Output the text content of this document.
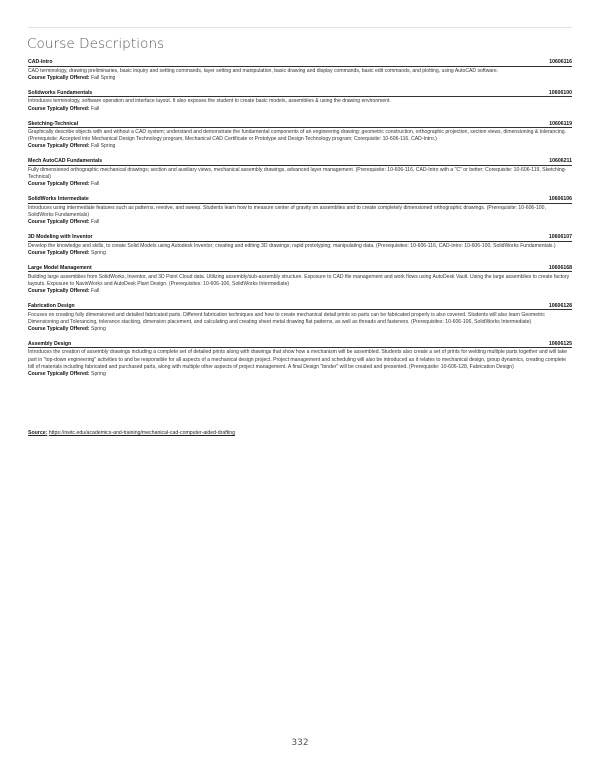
Course Descriptions
CAD-Intro	10606116
CAD terminology, drawing preliminaries, basic inquiry and setting commands, layer setting and manipulation, basic drawing and display commands, basic edit commands, and plotting, using AutoCAD software.
Course Typically Offered: Fall Spring
Solidworks Fundamentals	10606100
Introduces terminology, software operation and interface layout. It also exposes the student to create basic models, assemblies & using the drawing environment.
Course Typically Offered: Fall
Sketching-Technical	10606119
Graphically describe objects with and without a CAD system; understand and demonstrate the fundamental components of an engineering drawing: geometric construction, orthographic projection, section views, dimensioning & tolerancing. (Prerequisite: Accepted into Mechanical Design Technology program, Mechanical CAD Certificate or Prototype and Design Technology program; Corequisite: 10-606-116, CAD-Intro.)
Course Typically Offered: Fall Spring
Mech AutoCAD Fundamentals	10606211
Fully dimensioned orthographic mechanical drawings; section and auxiliary views, mechanical assembly drawings, advanced layer management. (Prerequisite: 10-606-116, CAD-Intro with a "C" or better; Corequisite: 10-606-119, Sketching-Technical)
Course Typically Offered: Fall
SolidWorks Intermediate	10606106
Introduces using intermediate features such as patterns, revolve, and sweep. Students learn how to measure center of gravity on assemblies and to create completely dimensioned orthographic drawings. (Prerequisite: 10-606-100, SolidWorks Fundamentals)
Course Typically Offered: Fall
3D Modeling with Inventor	10606107
Develop the knowledge and skills, to create Solid Models using Autodesk Inventor; creating and editing 3D drawings; rapid prototyping; manipulating data. (Prerequisites: 10-606-116, CAD-Intro: 10-606-100, SolidWorks Fundamentals.)
Course Typically Offered: Spring
Large Model Management	10606168
Building large assemblies from SolidWorks, Inventor, and 3D Point Cloud data. Utilizing assembly/sub-assembly structure. Exposure to CAD file management and work flows using AutoDesk Vault. Using the large assemblies to create factory layouts. Exposure to NavisWorks and AutoDesk Plant Design. (Prerequisites: 10-606-106, SolidWorks Intermediate)
Course Typically Offered: Fall
Fabrication Design	10606128
Focuses on creating fully dimensioned and detailed fabricated parts. Different fabrication techniques and how to create mechanical detail prints so parts can be fabricated properly is also covered. Students will also learn Geometric Dimensioning and Tolerancing, tolerance stacking, dimension placement, and calculating and creating sheet metal drawing flat patterns, as well as threads and fasteners. (Prerequisites: 10-606-106, SolidWorks Intermediate)
Course Typically Offered: Spring
Assembly Design	10606125
Introduces the creation of assembly drawings including a complete set of detailed prints along with drawings that show how a mechanism will be assembled. Students also create a set of prints for welding multiple parts together and will take part in "top-down engineering" activities to and be responsible for all aspects of a mechanical design project. Project management and scheduling will also be introduced as it relates to mechanical design, group dynamics, creating complete bill of materials including fabricated and purchased parts, along with multiple other aspects of project management. A final Design "binder" will be created and presented. (Prerequisite: 10-606-128, Fabrication Design)
Course Typically Offered: Spring
Source: https://nwtc.edu/academics-and-training/mechanical-cad-computer-aided-drafting
332
